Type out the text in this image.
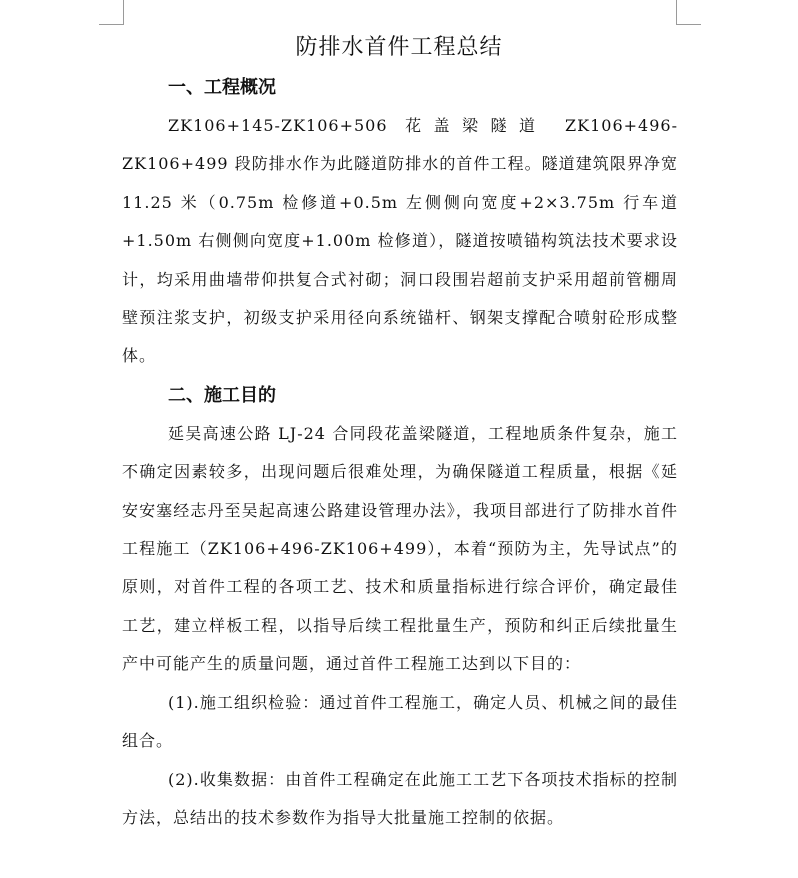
防排水首件工程总结

一、工程概况

ZK106+145-ZK106+506 花盖梁隧道 ZK106+496-ZK106+499 段防排水作为此隧道防排水的首件工程。隧道建筑限界净宽 11.25 米（0.75m 检修道+0.5m 左侧侧向宽度+2×3.75m 行车道+1.50m 右侧侧向宽度+1.00m 检修道），隧道按喷锚构筑法技术要求设计，均采用曲墙带仰拱复合式衬砌；洞口段围岩超前支护采用超前管棚周壁预注浆支护，初级支护采用径向系统锚杆、钢架支撑配合喷射砼形成整体。

二、施工目的

延吴高速公路 LJ-24 合同段花盖梁隧道，工程地质条件复杂，施工不确定因素较多，出现问题后很难处理，为确保隧道工程质量，根据《延安安塞经志丹至吴起高速公路建设管理办法》，我项目部进行了防排水首件工程施工（ZK106+496-ZK106+499），本着“预防为主，先导试点”的原则，对首件工程的各项工艺、技术和质量指标进行综合评价，确定最佳工艺，建立样板工程，以指导后续工程批量生产，预防和纠正后续批量生产中可能产生的质量问题，通过首件工程施工达到以下目的：

(1).施工组织检验：通过首件工程施工，确定人员、机械之间的最佳组合。

(2).收集数据：由首件工程确定在此施工工艺下各项技术指标的控制方法，总结出的技术参数作为指导大批量施工控制的依据。
